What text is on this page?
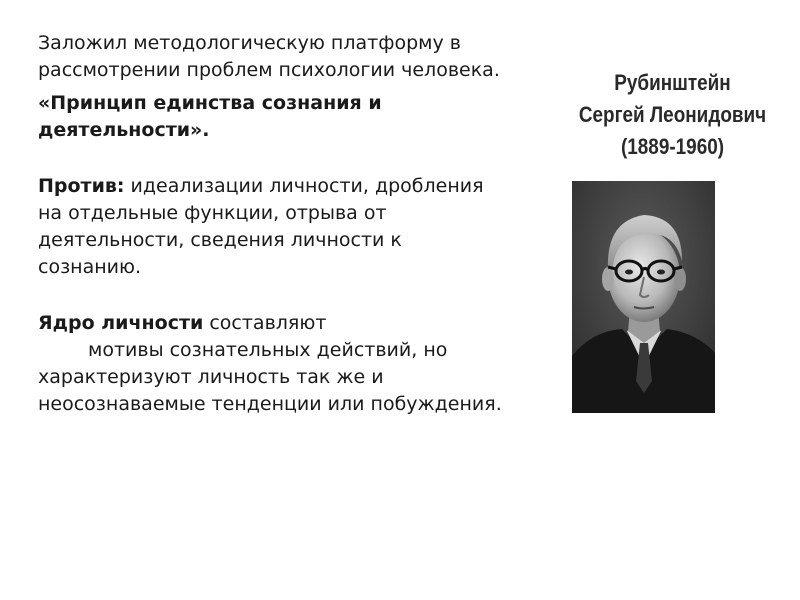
Заложил методологическую платформу в рассмотрении проблем психологии человека.

«Принцип единства сознания и деятельности».

Против: идеализации личности, дробления на отдельные функции, отрыва от деятельности, сведения личности к сознанию.

Ядро личности составляют
мотивы сознательных действий, но
характеризуют личность так же и неосознаваемые тенденции или побуждения.

Рубинштейн
Сергей Леонидович
(1889-1960)
